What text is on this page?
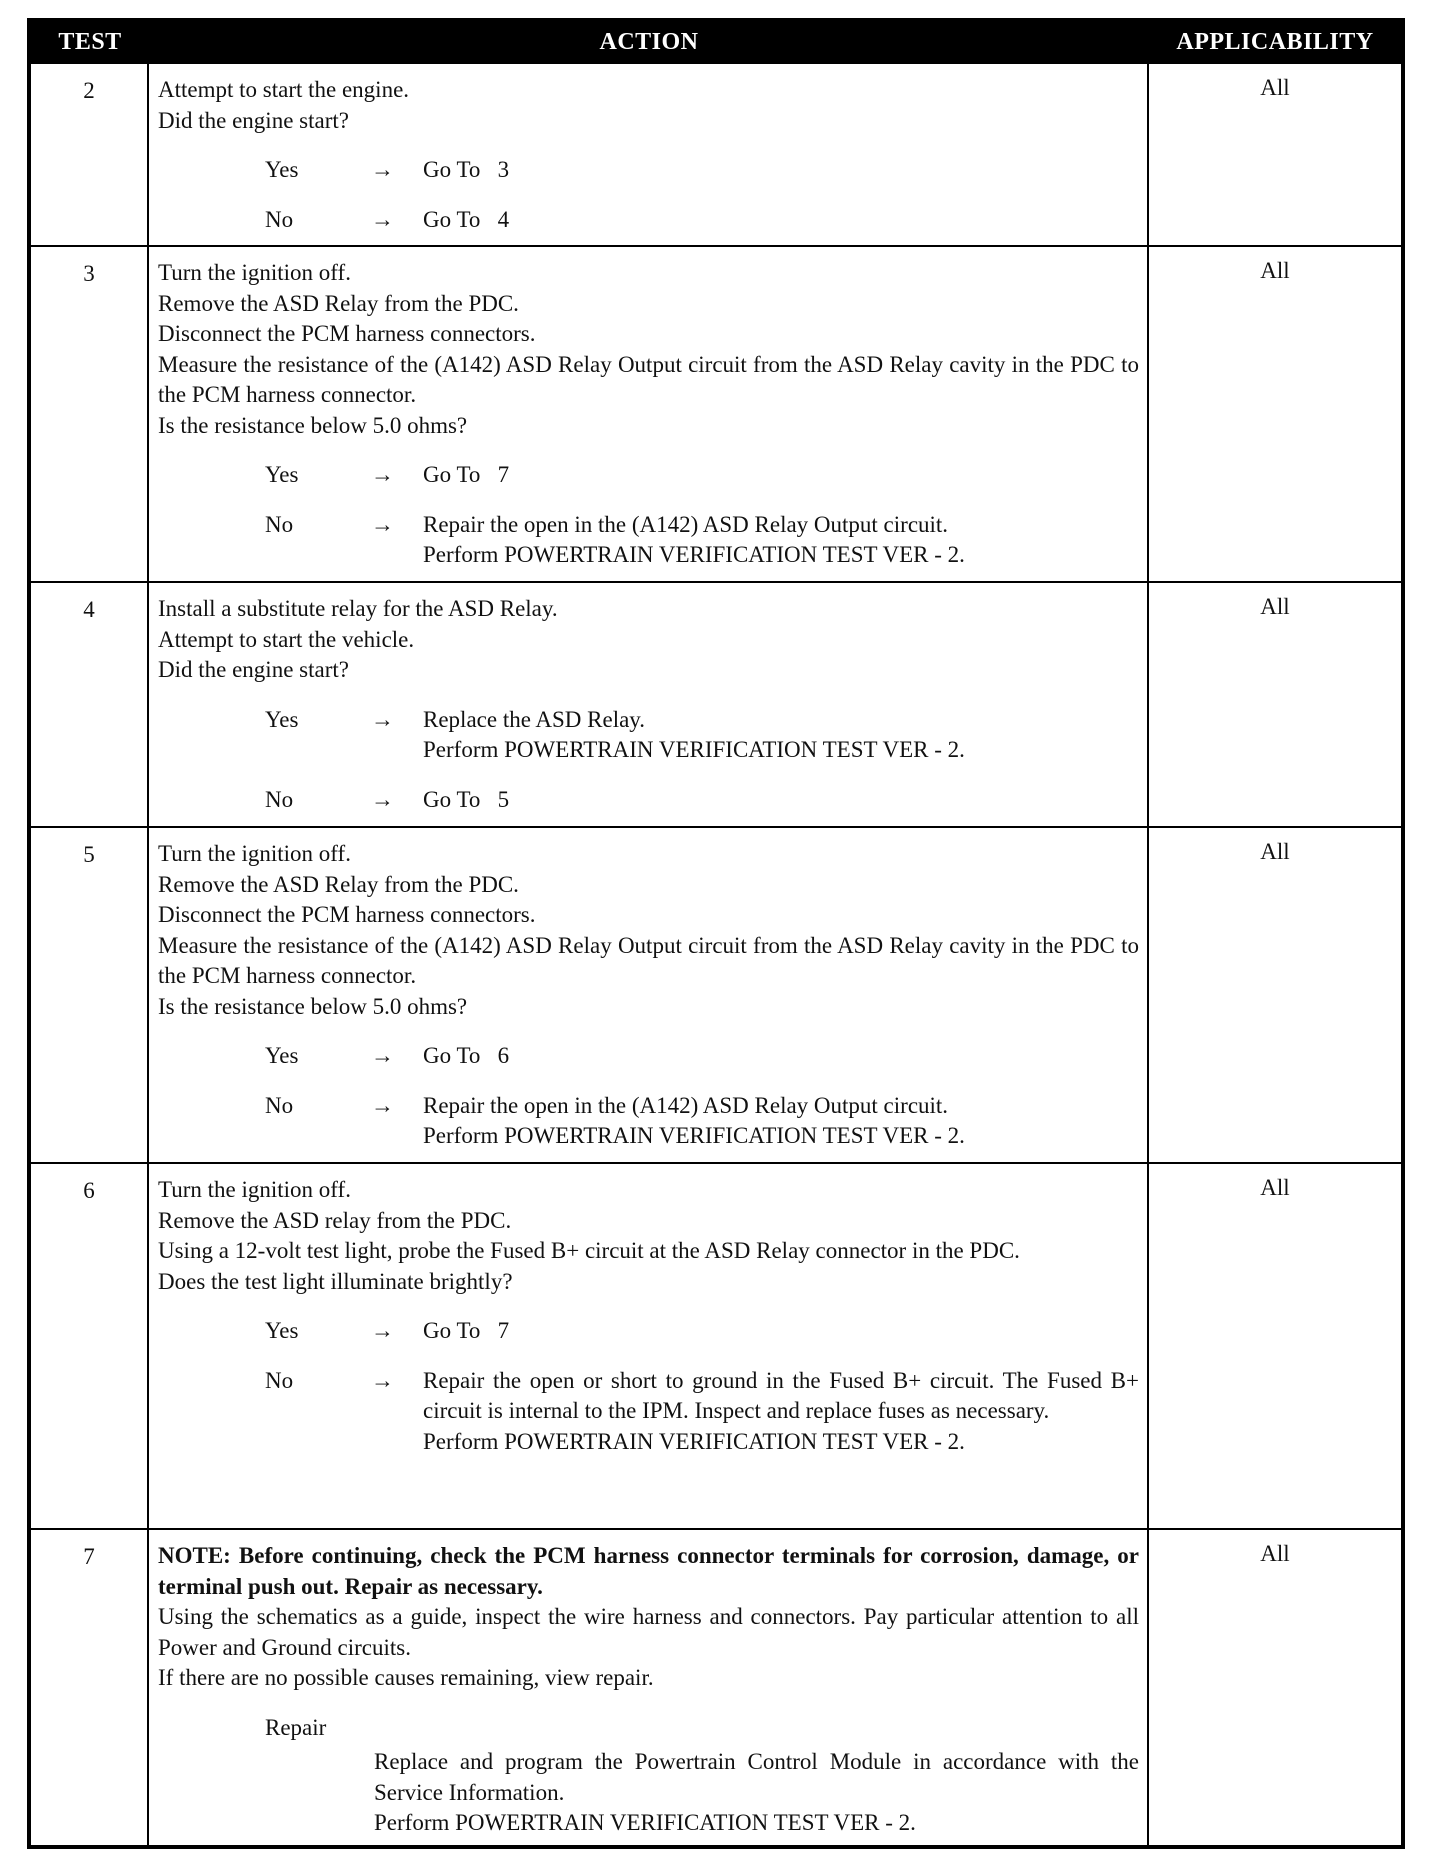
TEST	ACTION	APPLICABILITY
2	Attempt to start the engine.
Did the engine start?
Yes	→	Go To   3
No	→	Go To   4
All
3	Turn the ignition off.
Remove the ASD Relay from the PDC.
Disconnect the PCM harness connectors.
Measure the resistance of the (A142) ASD Relay Output circuit from the ASD Relay cavity in the PDC to the PCM harness connector.
Is the resistance below 5.0 ohms?
Yes	→	Go To   7
No	→	Repair the open in the (A142) ASD Relay Output circuit.
Perform POWERTRAIN VERIFICATION TEST VER - 2.
All
4	Install a substitute relay for the ASD Relay.
Attempt to start the vehicle.
Did the engine start?
Yes	→	Replace the ASD Relay.
Perform POWERTRAIN VERIFICATION TEST VER - 2.
No	→	Go To   5
All
5	Turn the ignition off.
Remove the ASD Relay from the PDC.
Disconnect the PCM harness connectors.
Measure the resistance of the (A142) ASD Relay Output circuit from the ASD Relay cavity in the PDC to the PCM harness connector.
Is the resistance below 5.0 ohms?
Yes	→	Go To   6
No	→	Repair the open in the (A142) ASD Relay Output circuit.
Perform POWERTRAIN VERIFICATION TEST VER - 2.
All
6	Turn the ignition off.
Remove the ASD relay from the PDC.
Using a 12-volt test light, probe the Fused B+ circuit at the ASD Relay connector in the PDC.
Does the test light illuminate brightly?
Yes	→	Go To   7
No	→	Repair the open or short to ground in the Fused B+ circuit. The Fused B+ circuit is internal to the IPM. Inspect and replace fuses as necessary.
Perform POWERTRAIN VERIFICATION TEST VER - 2.
All
7	NOTE: Before continuing, check the PCM harness connector terminals for corrosion, damage, or terminal push out. Repair as necessary.
Using the schematics as a guide, inspect the wire harness and connectors. Pay particular attention to all Power and Ground circuits.
If there are no possible causes remaining, view repair.
Repair
Replace and program the Powertrain Control Module in accordance with the Service Information.
Perform POWERTRAIN VERIFICATION TEST VER - 2.
All
